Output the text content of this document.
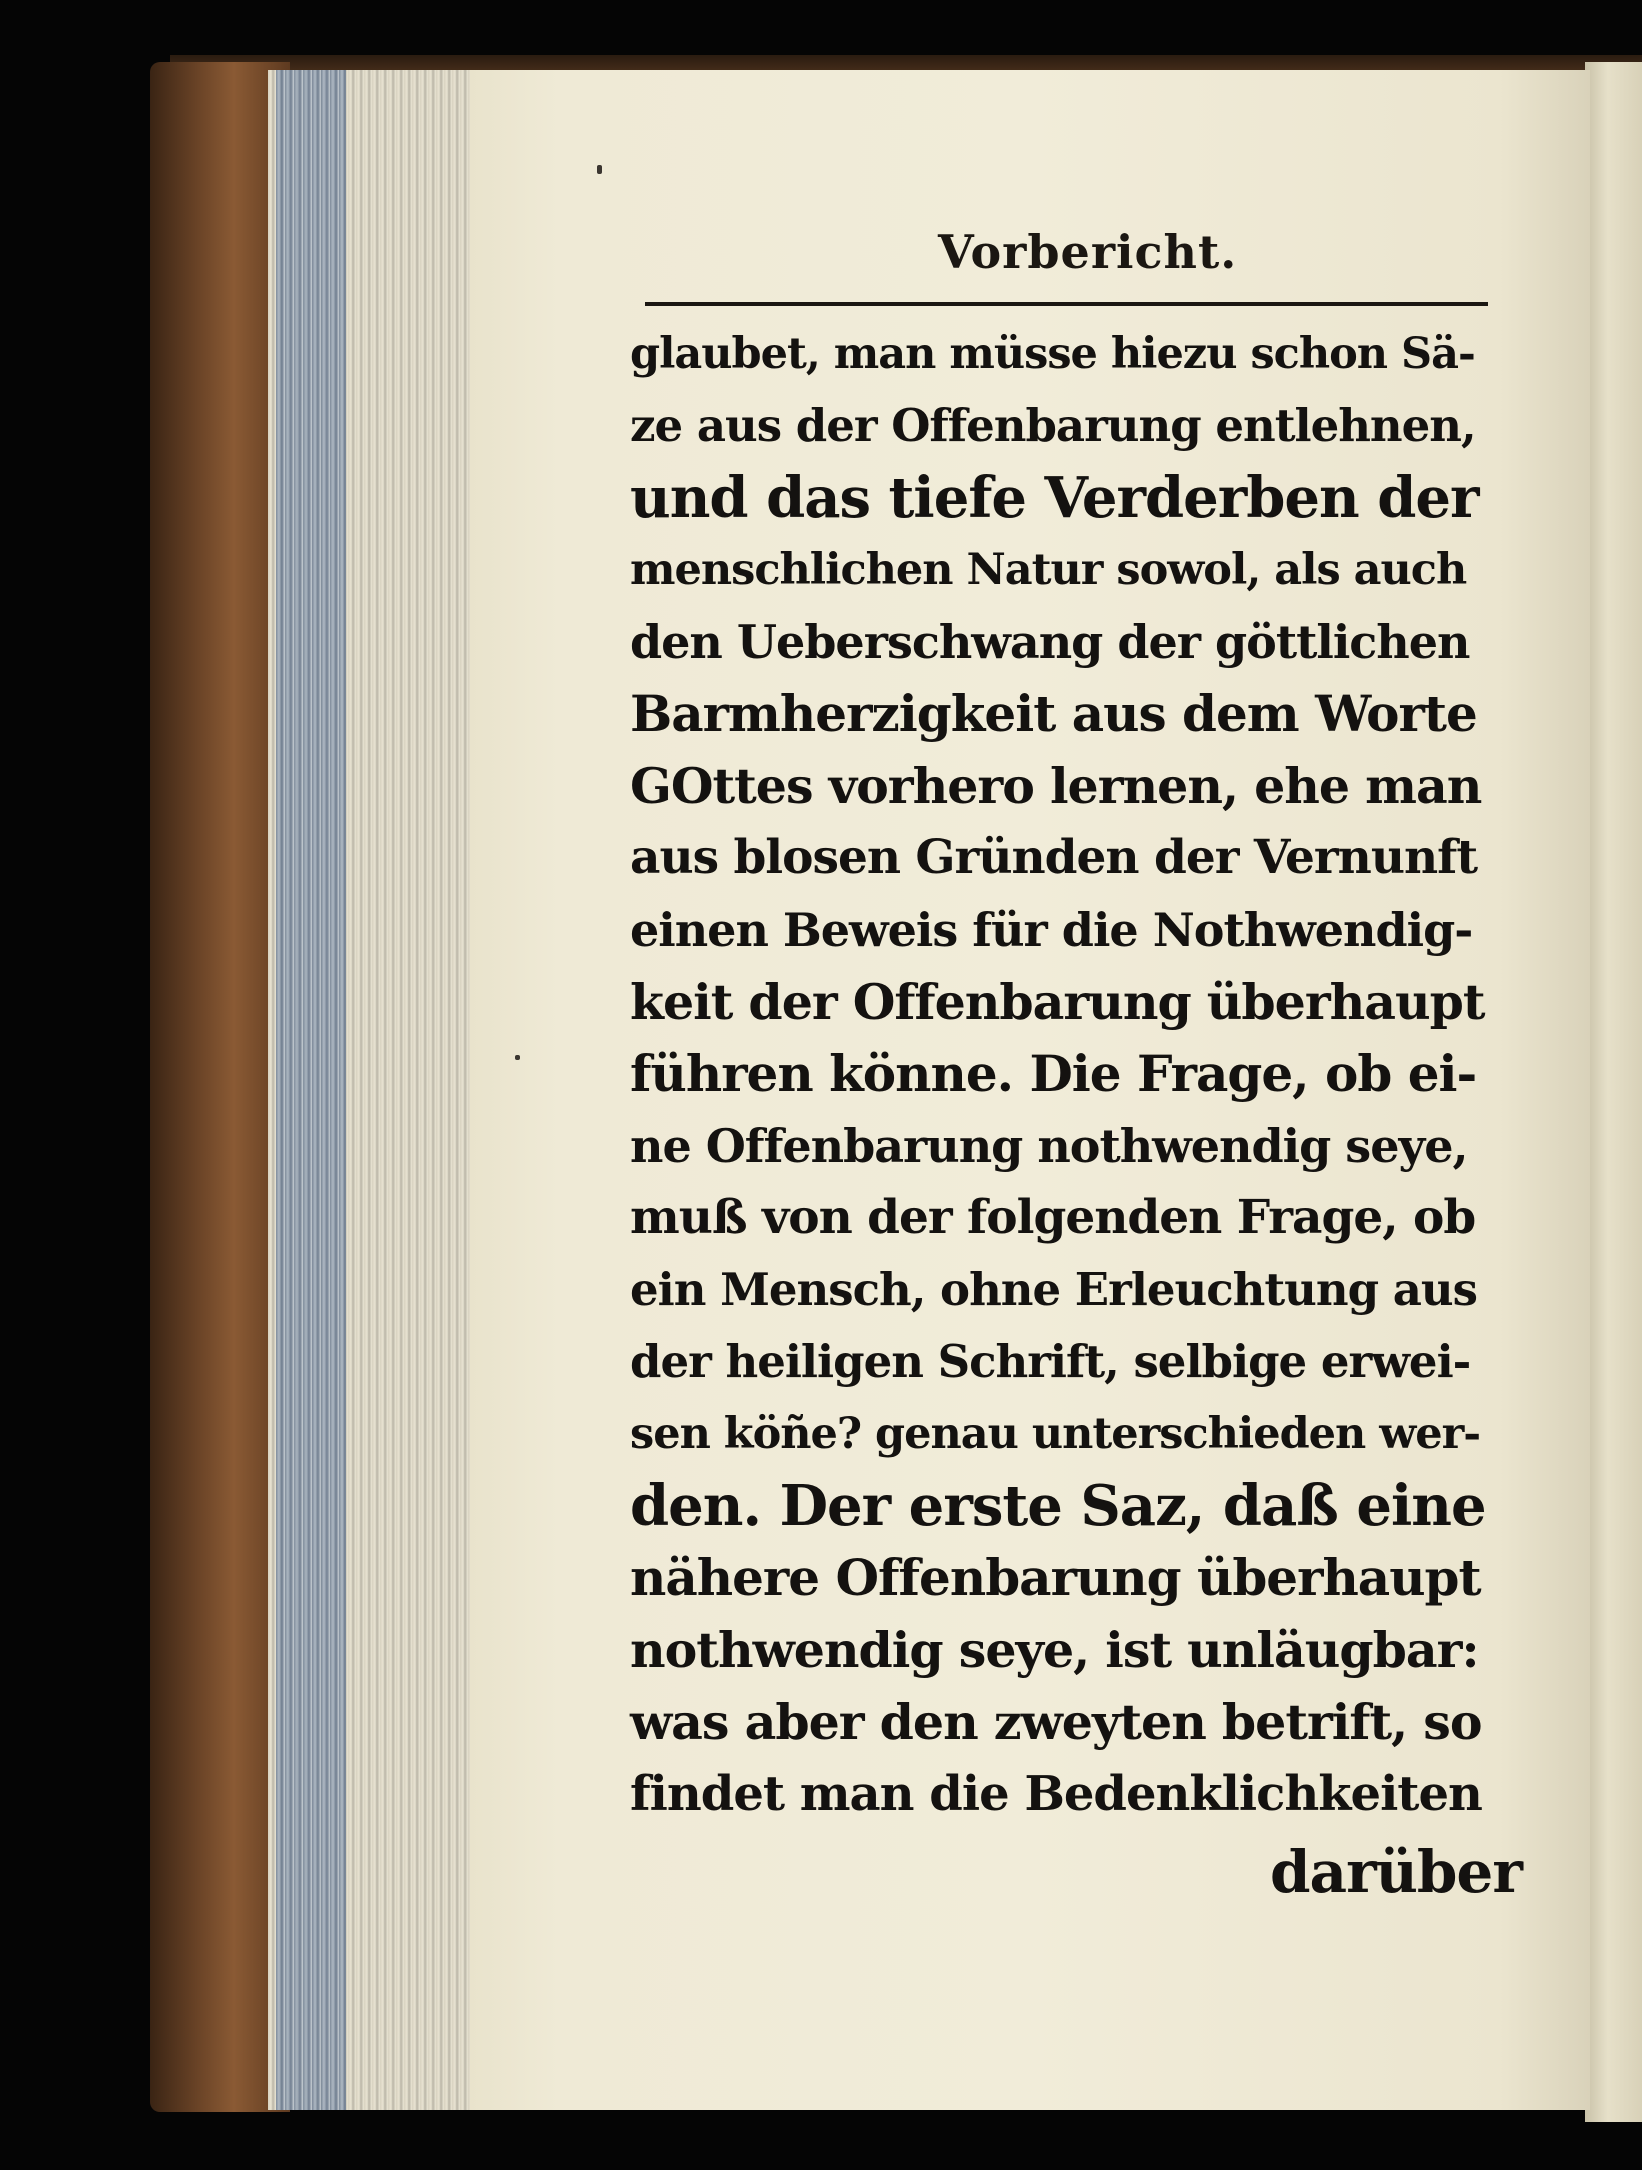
Vorbericht.
glaubet, man müsse hiezu schon Sä-
ze aus der Offenbarung entlehnen,
und das tiefe Verderben der
menschlichen Natur sowol, als auch
den Ueberschwang der göttlichen
Barmherzigkeit aus dem Worte
GOttes vorhero lernen, ehe man
aus blosen Gründen der Vernunft
einen Beweis für die Nothwendig-
keit der Offenbarung überhaupt
führen könne. Die Frage, ob ei-
ne Offenbarung nothwendig seye,
muß von der folgenden Frage, ob
ein Mensch, ohne Erleuchtung aus
der heiligen Schrift, selbige erwei-
sen köñe? genau unterschieden wer-
den. Der erste Saz, daß eine
nähere Offenbarung überhaupt
nothwendig seye, ist unläugbar:
was aber den zweyten betrift, so
findet man die Bedenklichkeiten
darüber
